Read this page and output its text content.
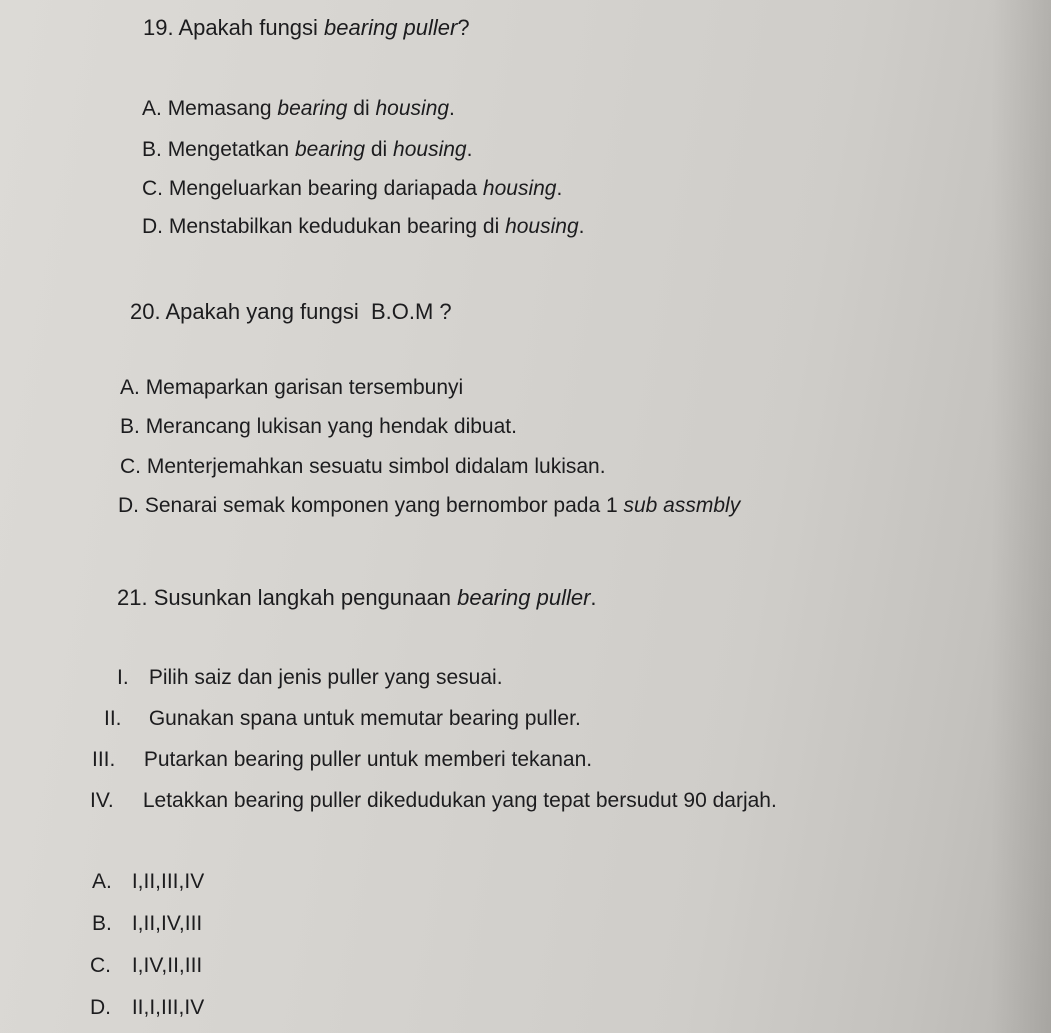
19. Apakah fungsi bearing puller?
A. Memasang bearing di housing.
B. Mengetatkan bearing di housing.
C. Mengeluarkan bearing dariapada housing.
D. Menstabilkan kedudukan bearing di housing.
20. Apakah yang fungsi  B.O.M ?
A. Memaparkan garisan tersembunyi
B. Merancang lukisan yang hendak dibuat.
C. Menterjemahkan sesuatu simbol didalam lukisan.
D. Senarai semak komponen yang bernombor pada 1 sub assmbly
21. Susunkan langkah pengunaan bearing puller.
I. Pilih saiz dan jenis puller yang sesuai.
II. Gunakan spana untuk memutar bearing puller.
III. Putarkan bearing puller untuk memberi tekanan.
IV. Letakkan bearing puller dikedudukan yang tepat bersudut 90 darjah.
A. I,II,III,IV
B. I,II,IV,III
C. I,IV,II,III
D. II,I,III,IV
